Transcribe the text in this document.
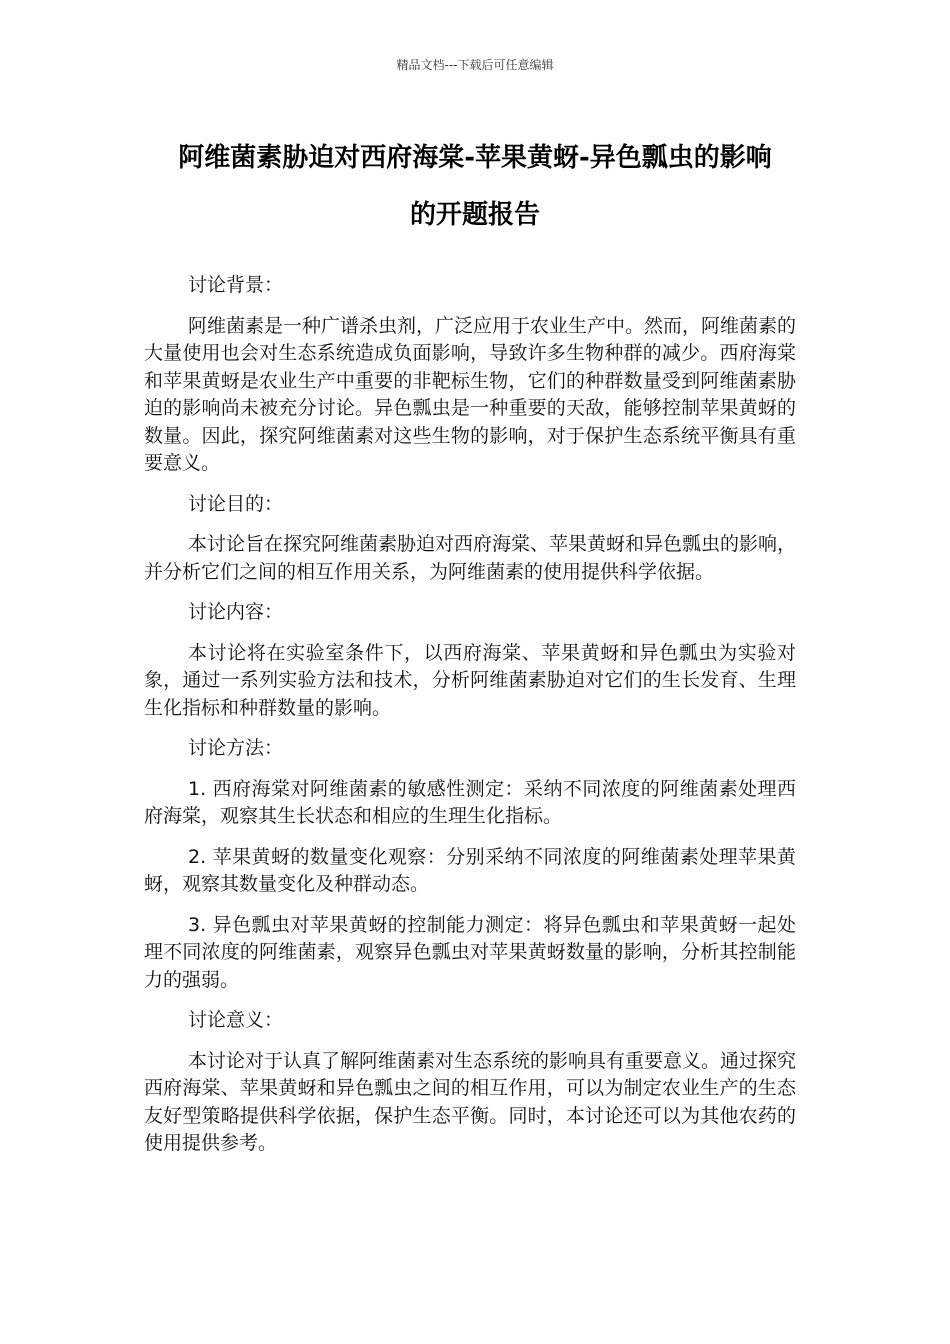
精品文档---下载后可任意编辑
阿维菌素胁迫对西府海棠-苹果黄蚜-异色瓢虫的影响
的开题报告

讨论背景：

阿维菌素是一种广谱杀虫剂，广泛应用于农业生产中。然而，阿维菌素的大量使用也会对生态系统造成负面影响，导致许多生物种群的减少。西府海棠和苹果黄蚜是农业生产中重要的非靶标生物，它们的种群数量受到阿维菌素胁迫的影响尚未被充分讨论。异色瓢虫是一种重要的天敌，能够控制苹果黄蚜的数量。因此，探究阿维菌素对这些生物的影响，对于保护生态系统平衡具有重要意义。

讨论目的：

本讨论旨在探究阿维菌素胁迫对西府海棠、苹果黄蚜和异色瓢虫的影响，并分析它们之间的相互作用关系，为阿维菌素的使用提供科学依据。

讨论内容：

本讨论将在实验室条件下，以西府海棠、苹果黄蚜和异色瓢虫为实验对象，通过一系列实验方法和技术，分析阿维菌素胁迫对它们的生长发育、生理生化指标和种群数量的影响。

讨论方法：

1. 西府海棠对阿维菌素的敏感性测定：采纳不同浓度的阿维菌素处理西府海棠，观察其生长状态和相应的生理生化指标。

2. 苹果黄蚜的数量变化观察：分别采纳不同浓度的阿维菌素处理苹果黄蚜，观察其数量变化及种群动态。

3. 异色瓢虫对苹果黄蚜的控制能力测定：将异色瓢虫和苹果黄蚜一起处理不同浓度的阿维菌素，观察异色瓢虫对苹果黄蚜数量的影响，分析其控制能力的强弱。

讨论意义：

本讨论对于认真了解阿维菌素对生态系统的影响具有重要意义。通过探究西府海棠、苹果黄蚜和异色瓢虫之间的相互作用，可以为制定农业生产的生态友好型策略提供科学依据，保护生态平衡。同时，本讨论还可以为其他农药的使用提供参考。
